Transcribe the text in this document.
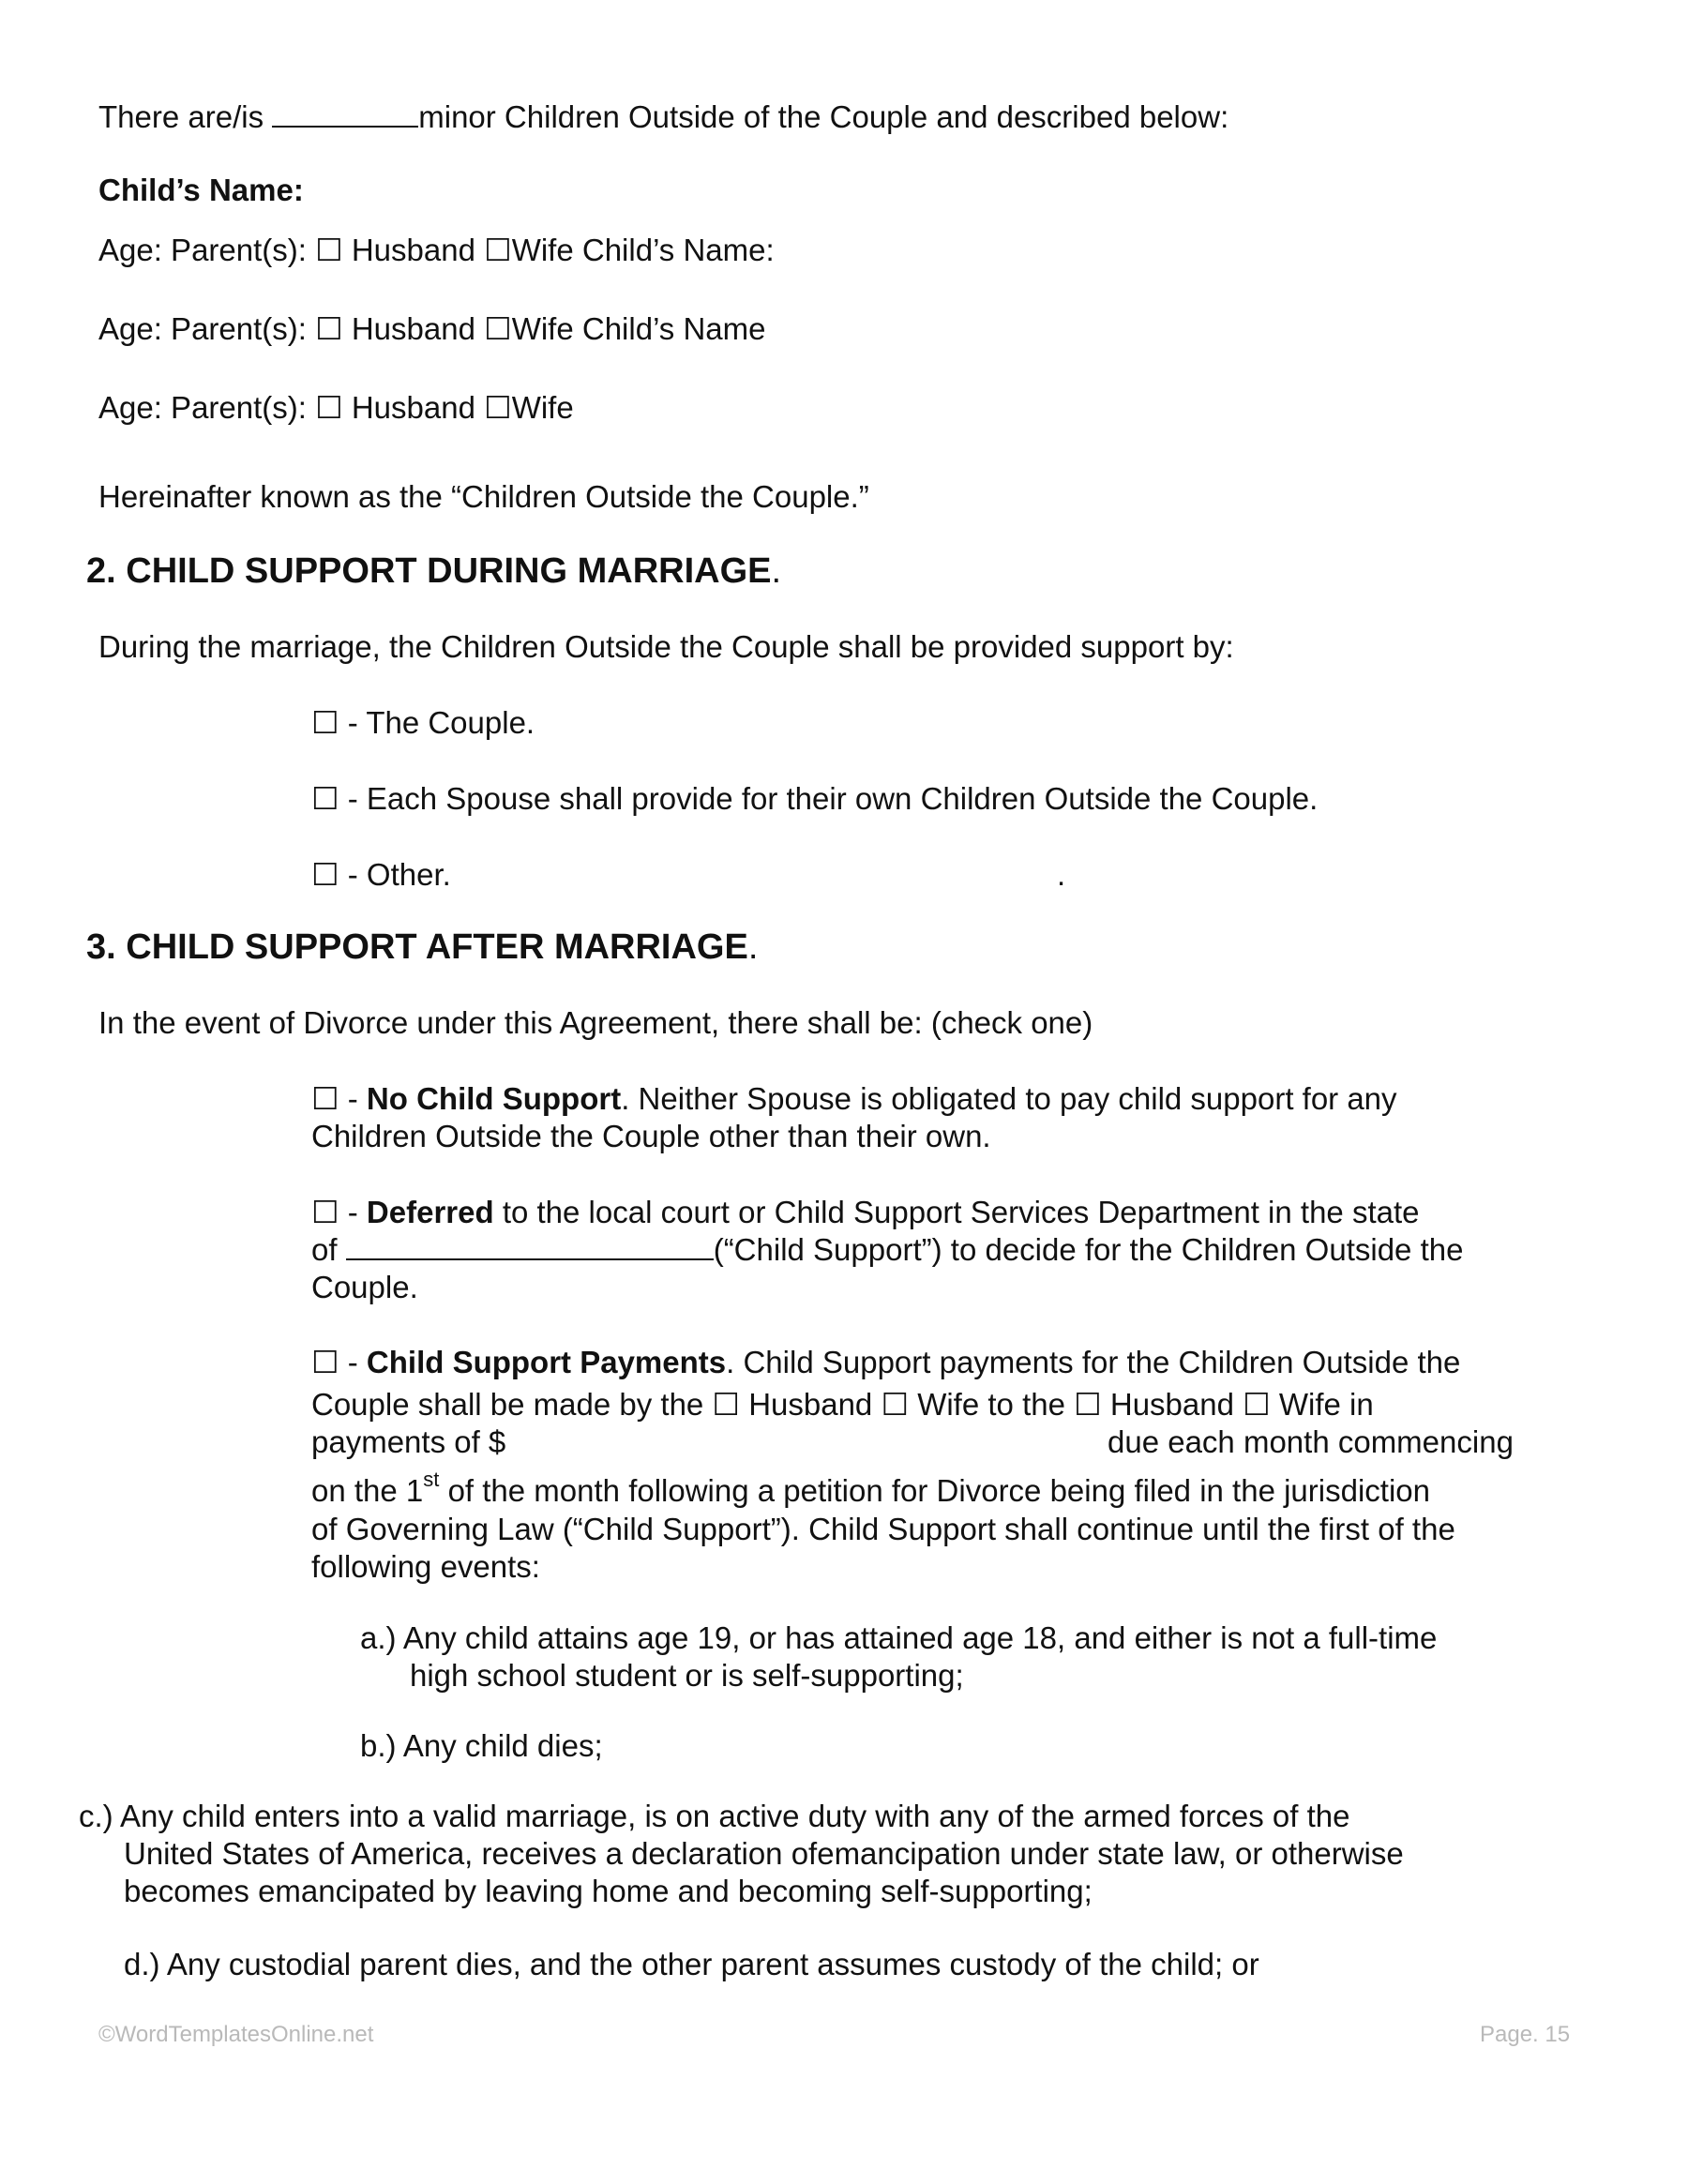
There are/is	minor Children Outside of the Couple and described below:
Child’s Name:
Age: Parent(s): ☐ Husband ☐Wife Child’s Name:
Age: Parent(s): ☐ Husband ☐Wife Child’s Name
Age: Parent(s): ☐ Husband ☐Wife
Hereinafter known as the “Children Outside the Couple.”
2. CHILD SUPPORT DURING MARRIAGE.
During the marriage, the Children Outside the Couple shall be provided support by:
☐ - The Couple.
☐ - Each Spouse shall provide for their own Children Outside the Couple.
☐ - Other.	.
3. CHILD SUPPORT AFTER MARRIAGE.
In the event of Divorce under this Agreement, there shall be: (check one)
☐ - No Child Support. Neither Spouse is obligated to pay child support for any
Children Outside the Couple other than their own.
☐ - Deferred to the local court or Child Support Services Department in the state
of	(“Child Support”) to decide for the Children Outside the
Couple.
☐ - Child Support Payments. Child Support payments for the Children Outside the
Couple shall be made by the ☐ Husband ☐ Wife to the ☐ Husband ☐ Wife in
payments of $	due each month commencing
on the 1st of the month following a petition for Divorce being filed in the jurisdiction
of Governing Law (“Child Support”). Child Support shall continue until the first of the
following events:
a.) Any child attains age 19, or has attained age 18, and either is not a full-time
high school student or is self-supporting;
b.) Any child dies;
c.) Any child enters into a valid marriage, is on active duty with any of the armed forces of the
United States of America, receives a declaration ofemancipation under state law, or otherwise
becomes emancipated by leaving home and becoming self-supporting;
d.) Any custodial parent dies, and the other parent assumes custody of the child; or
©WordTemplatesOnline.net	Page. 15
